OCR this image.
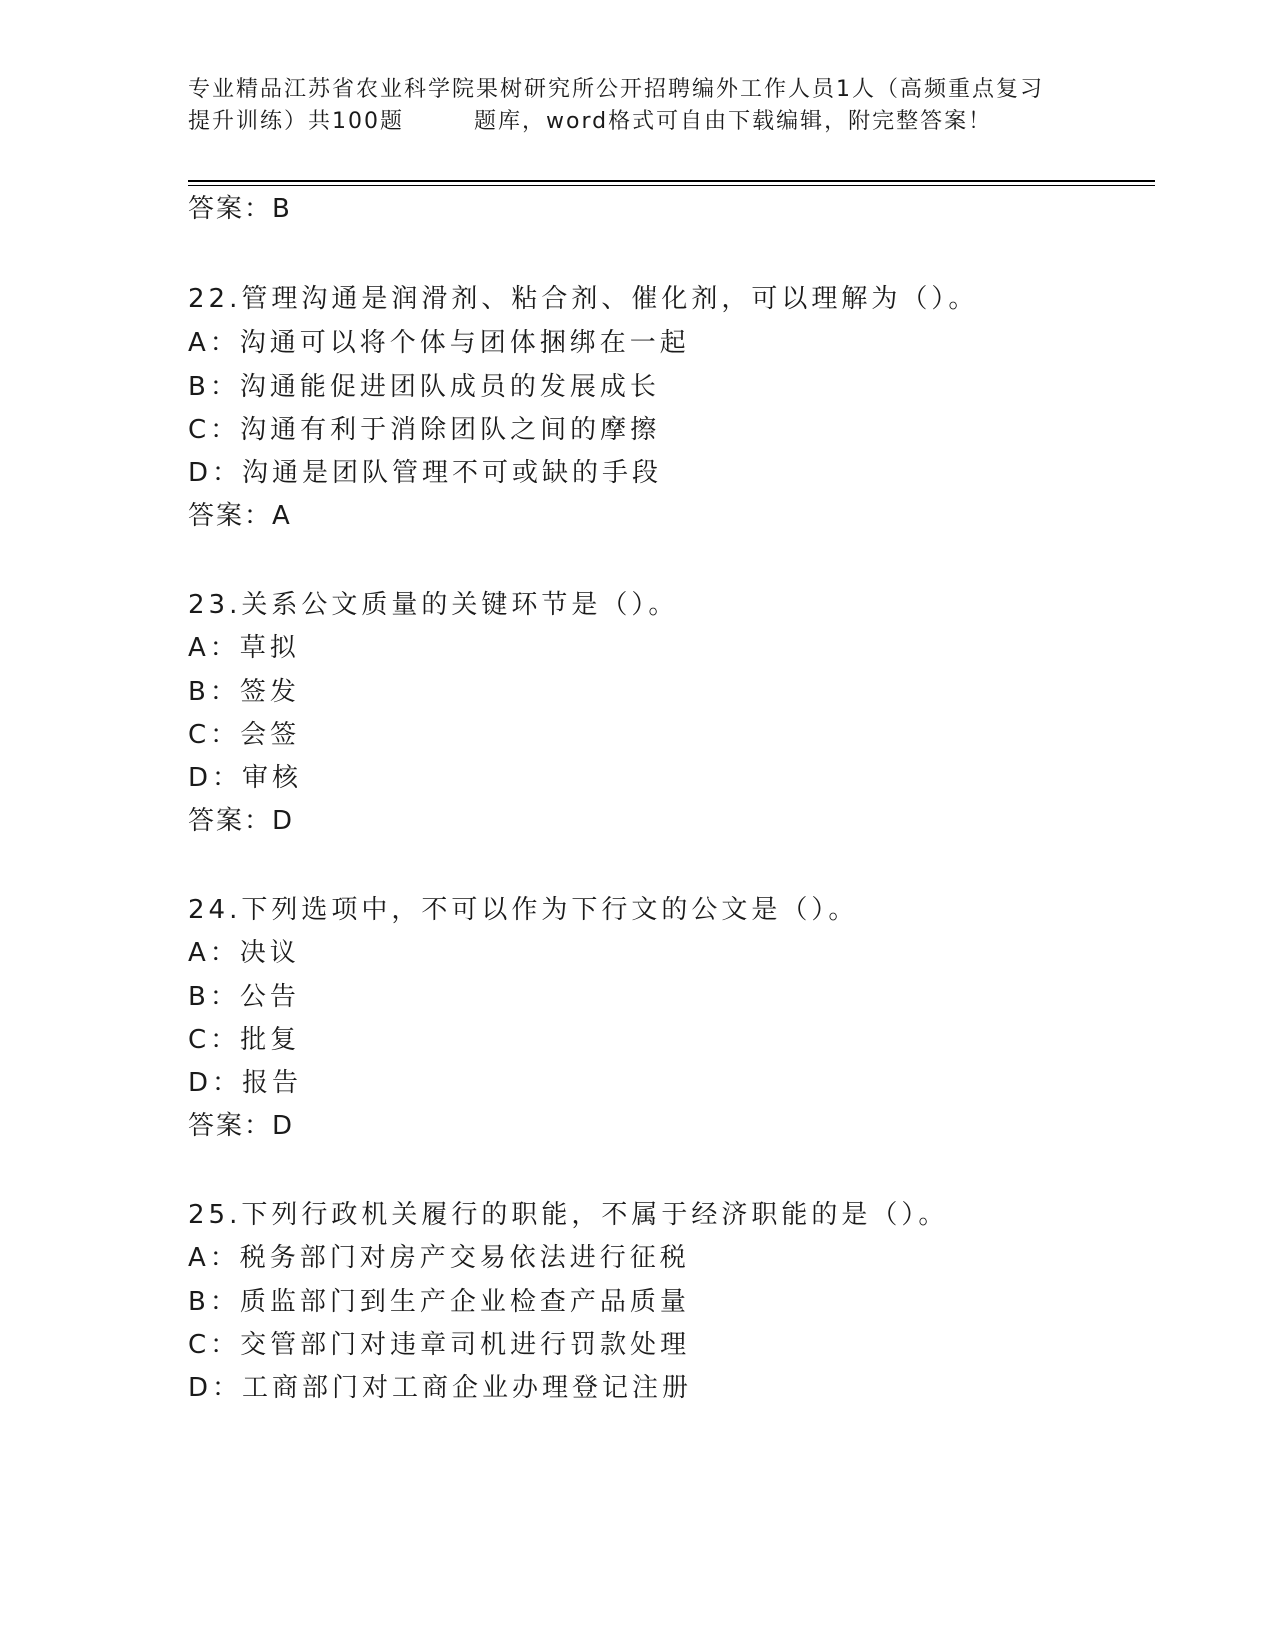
专业精品江苏省农业科学院果树研究所公开招聘编外工作人员1人（高频重点复习
提升训练）共100题	题库，word格式可自由下载编辑，附完整答案！
答案：B
22.管理沟通是润滑剂、粘合剂、催化剂，可以理解为（）。
A：沟通可以将个体与团体捆绑在一起
B：沟通能促进团队成员的发展成长
C：沟通有利于消除团队之间的摩擦
D：沟通是团队管理不可或缺的手段
答案：A
23.关系公文质量的关键环节是（）。
A：草拟
B：签发
C：会签
D：审核
答案：D
24.下列选项中，不可以作为下行文的公文是（）。
A：决议
B：公告
C：批复
D：报告
答案：D
25.下列行政机关履行的职能，不属于经济职能的是（）。
A：税务部门对房产交易依法进行征税
B：质监部门到生产企业检查产品质量
C：交管部门对违章司机进行罚款处理
D：工商部门对工商企业办理登记注册
